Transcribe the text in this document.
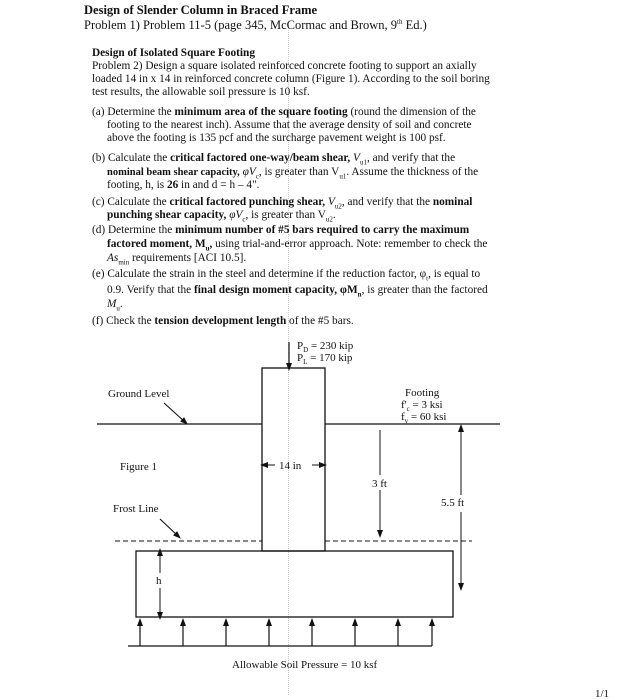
Design of Slender Column in Braced Frame
Problem 1) Problem 11-5 (page 345, McCormac and Brown, 9th Ed.)
Design of Isolated Square Footing
Problem 2) Design a square isolated reinforced concrete footing to support an axially
loaded 14 in x 14 in reinforced concrete column (Figure 1). According to the soil boring
test results, the allowable soil pressure is 10 ksf.
(a) Determine the minimum area of the square footing (round the dimension of the
footing to the nearest inch). Assume that the average density of soil and concrete
above the footing is 135 pcf and the surcharge pavement weight is 100 psf.
(b) Calculate the critical factored one-way/beam shear, $V_{u1}$, and verify that the
nominal beam shear capacity, $\varphi V_c$, is greater than $V_{u1}$. Assume the thickness of the
footing, h, is 26 in and d = h – 4".
(c) Calculate the critical factored punching shear, $V_{u2}$, and verify that the nominal
punching shear capacity, $\varphi V_c$, is greater than $V_{u2}$.
(d) Determine the minimum number of #5 bars required to carry the maximum
factored moment, $M_u$, using trial-and-error approach. Note: remember to check the
$As_{min}$ requirements [ACI 10.5].
(e) Calculate the strain in the steel and determine if the reduction factor, $\varphi_t$, is equal to
0.9. Verify that the final design moment capacity, $\varphi M_n$, is greater than the factored
$M_u$.
(f) Check the tension development length of the #5 bars.
$P_D = 230$ kip
$P_L = 170$ kip
Ground Level	Footing
$f'_c = 3$ ksi
$f_y = 60$ ksi
Figure 1	14 in
3 ft
5.5 ft
Frost Line
h
Allowable Soil Pressure = 10 ksf
1/1
